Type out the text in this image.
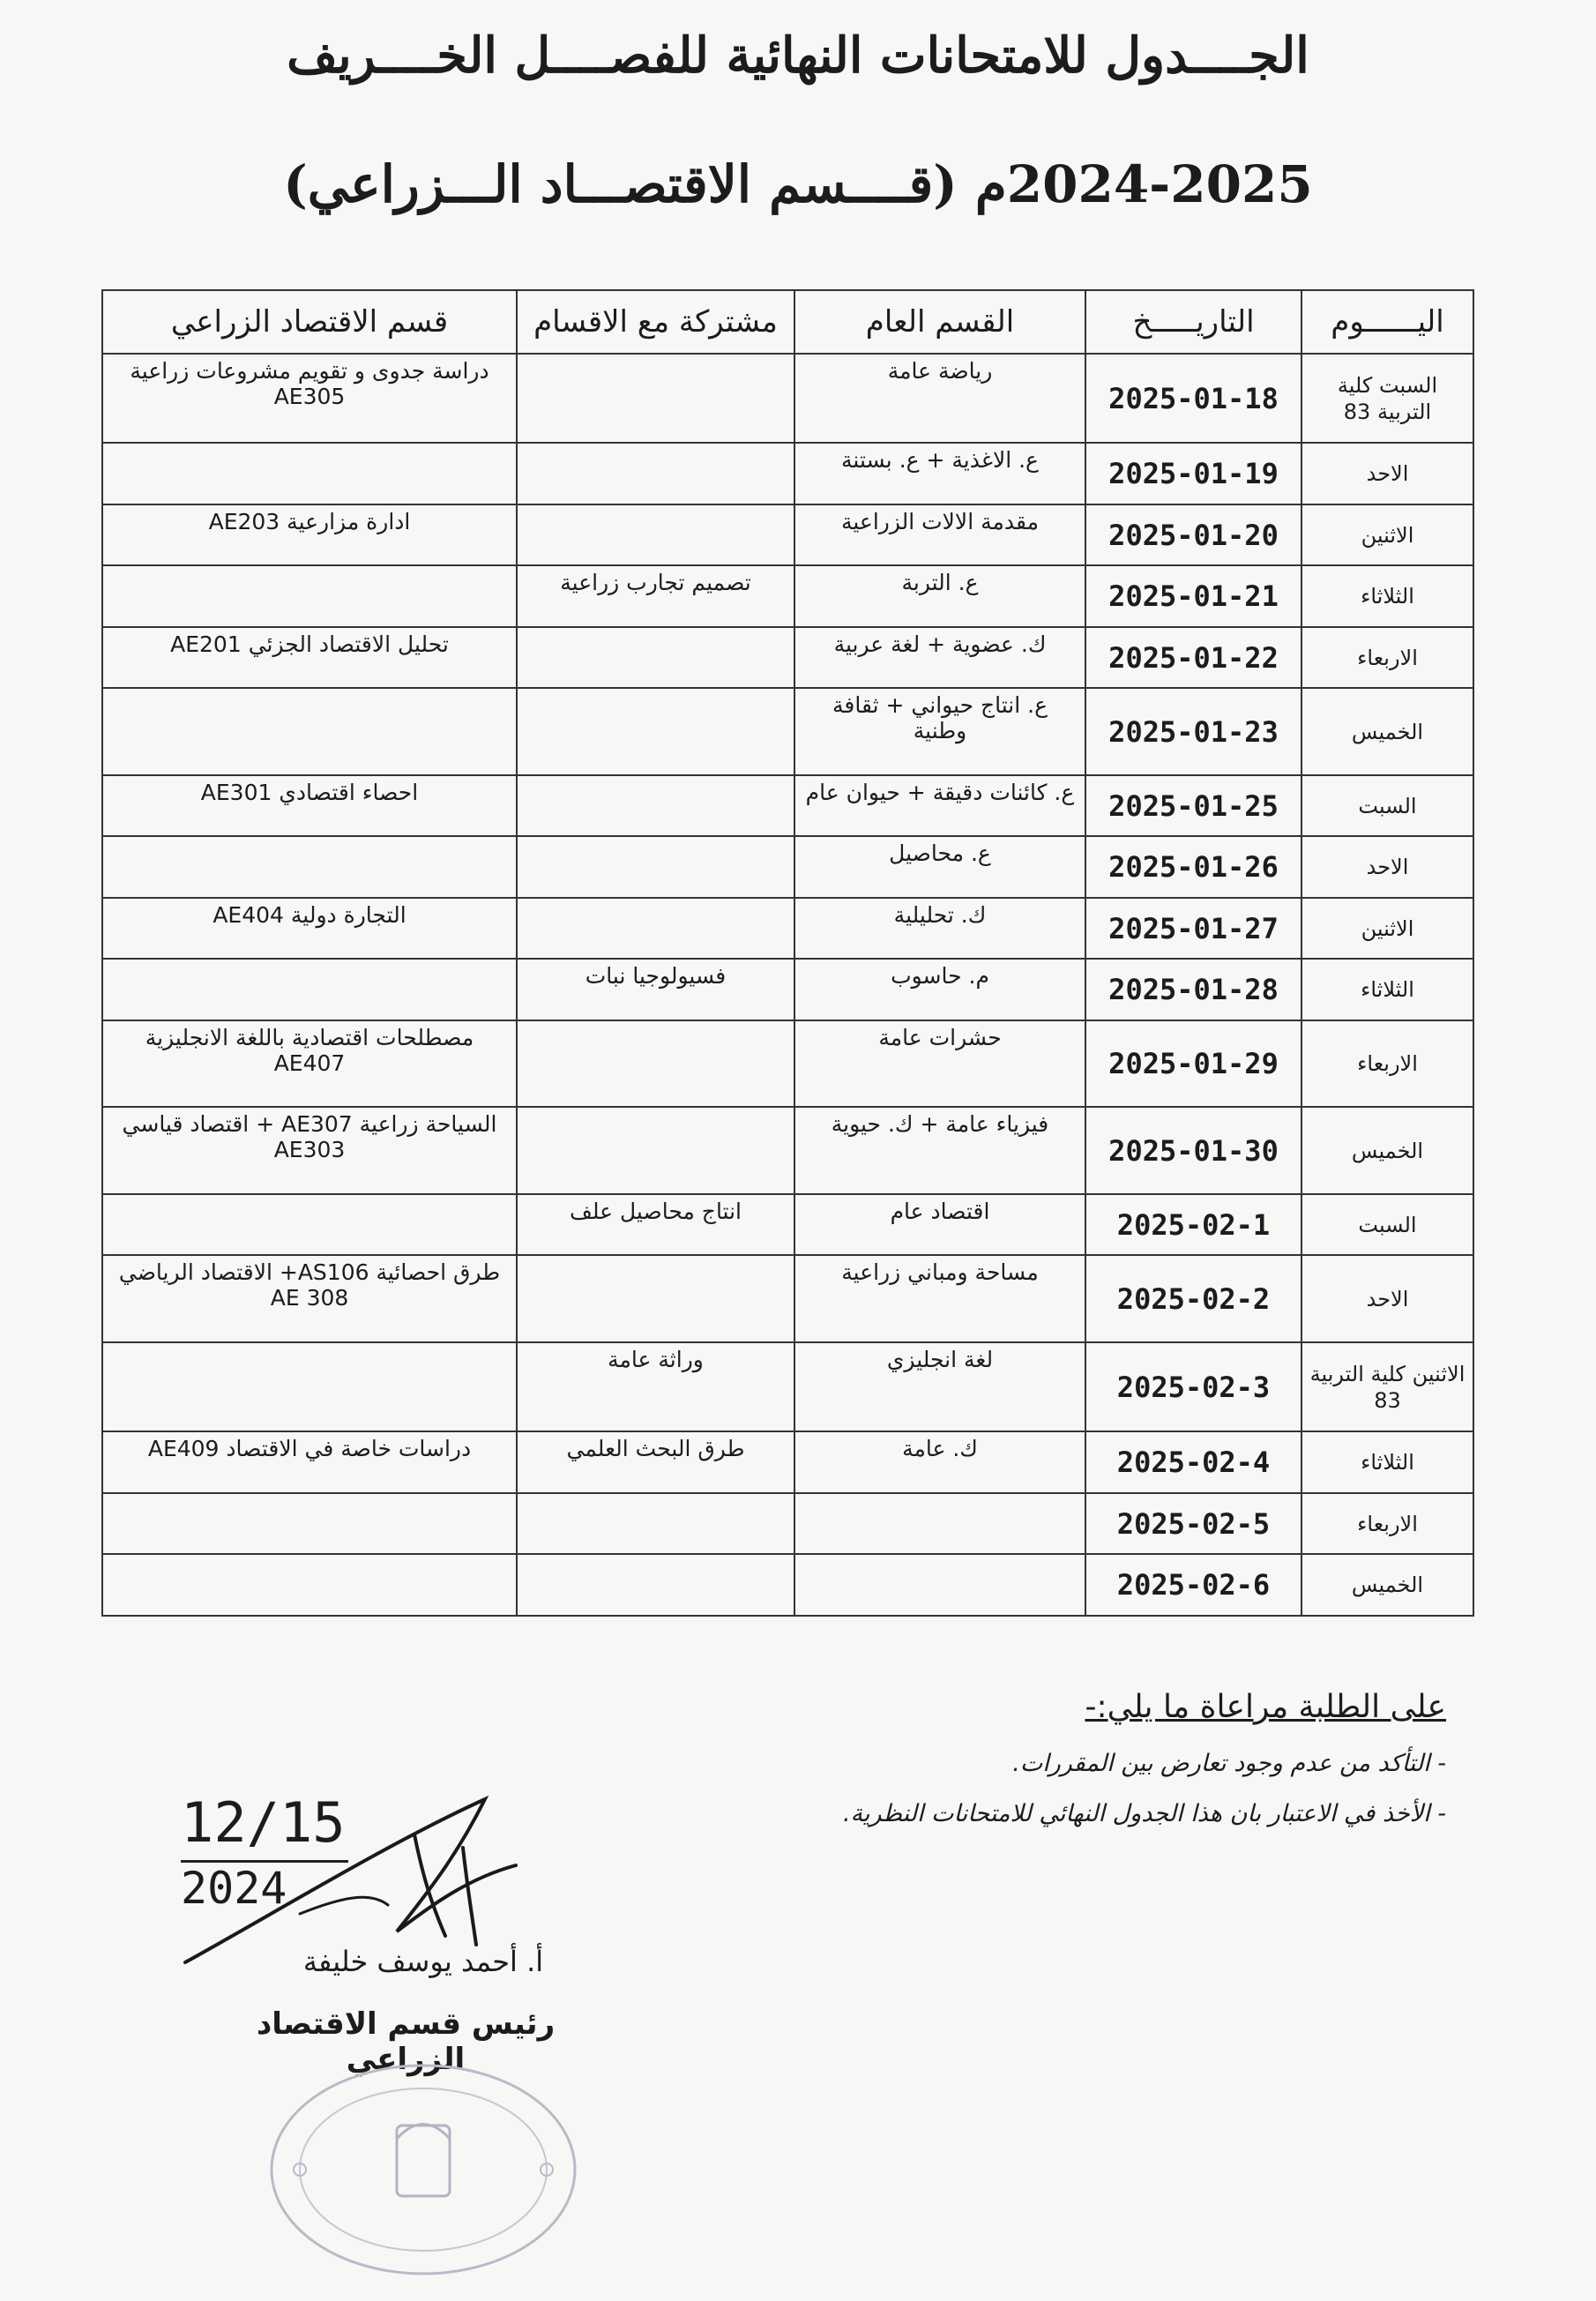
الجــــدول للامتحانات النهائية للفصــــل الخــــريف
2024-2025م (قــــسم الاقتصـــاد الـــزراعي)
اليــــــوم	التاريـــــخ	القسم العام	مشتركة مع الاقسام	قسم الاقتصاد الزراعي
السبت كلية التربية 83	2025-01-18	رياضة عامة		دراسة جدوى و تقويم مشروعات زراعية AE305
الاحد	2025-01-19	ع. الاغذية + ع. بستنة		
الاثنين	2025-01-20	مقدمة الالات الزراعية		ادارة مزارعية AE203
الثلاثاء	2025-01-21	ع. التربة	تصميم تجارب زراعية	
الاربعاء	2025-01-22	ك. عضوية + لغة عربية		تحليل الاقتصاد الجزئي AE201
الخميس	2025-01-23	ع. انتاج حيواني + ثقافة وطنية		
السبت	2025-01-25	ع. كائنات دقيقة + حيوان عام		احصاء اقتصادي AE301
الاحد	2025-01-26	ع. محاصيل		
الاثنين	2025-01-27	ك. تحليلية		التجارة دولية AE404
الثلاثاء	2025-01-28	م. حاسوب	فسيولوجيا نبات	
الاربعاء	2025-01-29	حشرات عامة		مصطلحات اقتصادية باللغة الانجليزية AE407
الخميس	2025-01-30	فيزياء عامة + ك. حيوية		السياحة زراعية AE307 + اقتصاد قياسي AE303
السبت	2025-02-1	اقتصاد عام	انتاج محاصيل علف	
الاحد	2025-02-2	مساحة ومباني زراعية		طرق احصائية AS106+ الاقتصاد الرياضي AE 308
الاثنين كلية التربية 83	2025-02-3	لغة انجليزي	وراثة عامة	
الثلاثاء	2025-02-4	ك. عامة	طرق البحث العلمي	دراسات خاصة في الاقتصاد AE409
الاربعاء	2025-02-5			
الخميس	2025-02-6			
على الطلبة مراعاة ما يلي:-

- التأكد من عدم وجود تعارض بين المقررات.

- الأخذ في الاعتبار بان هذا الجدول النهائي للامتحانات النظرية.

12/15
2024
أ. أحمد يوسف خليفة
رئيس قسم الاقتصاد الزراعي
